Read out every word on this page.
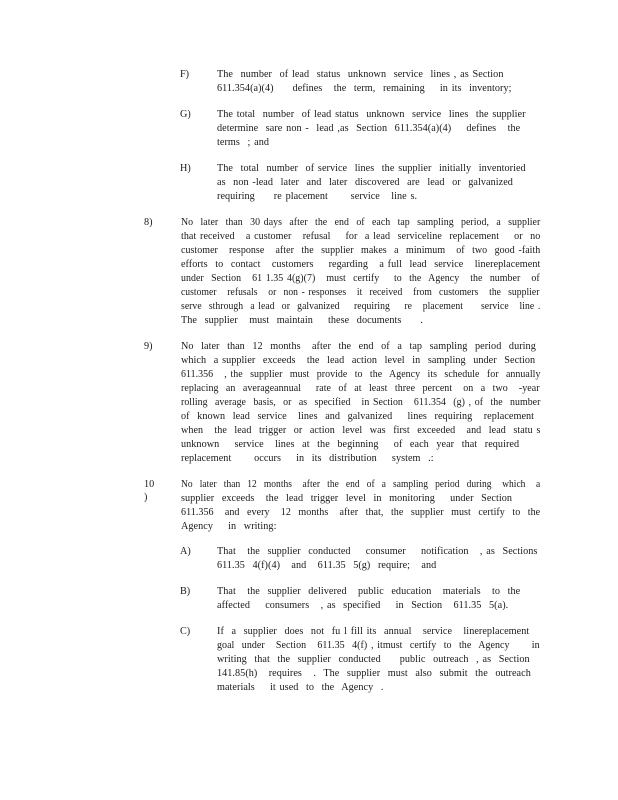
F)	The  number  of lead  status  unknown  service  lines , as Section
611.354(a)(4)     defines   the  term,  remaining    in its  inventory;
G)	The total  number  of lead status  unknown  service  lines  the supplier
determine  sare non -  lead ,as  Section  611.354(a)(4)    defines   the
terms  ; and
H)	The  total  number  of service  lines  the supplier  initially  inventoried
as  non -lead  later  and  later  discovered  are  lead  or  galvanized
requiring     re placement      service   line s.
8)	No  later  than  30 days  after  the  end  of  each  tap  sampling  period,  a  supplier
that received   a customer   refusal    for  a lead  serviceline  replacement    or  no
customer   response   after  the  supplier  makes  a  minimum   of  two  good -faith
efforts  to  contact   customers    regarding   a full  lead  service   linereplacement
under  Section   61 1.35 4(g)(7)   must  certify    to  the  Agency   the  number   of
customer   refusals   or  non - responses   it  received   from  customers   the  supplier
serve  sthrough  a lead  or  galvanized    requiring    re   placement     service   line .
The  supplier   must  maintain    these  documents     .
9)	No  later  than  12  months   after  the  end  of  a  tap  sampling  period  during
which  a supplier  exceeds   the  lead  action  level  in  sampling  under  Section
611.356   , the  supplier  must  provide  to  the  Agency  its  schedule  for  annually
replacing  an  averageannual    rate  of  at  least  three  percent   on  a  two   -year
rolling  average  basis,  or  as  specified   in Section   611.354  (g) , of  the  number
of  known  lead  service   lines  and  galvanized    lines  requiring   replacement
when   the  lead  trigger  or  action  level  was  first  exceeded   and  lead  statu s
unknown    service   lines  at  the  beginning    of  each  year  that  required
replacement      occurs    in  its  distribution    system  .:
10 )
No  later  than  12  months   after  the  end  of  a  sampling  period  during   which   a
supplier  exceeds   the  lead  trigger  level  in  monitoring    under  Section
611.356   and  every   12  months   after  that,  the  supplier  must  certify  to  the
Agency    in  writing:
A)	That   the  supplier  conducted    consumer    notification   , as  Sections
611.35  4(f)(4)   and   611.35  5(g)  require;   and
B)	That   the  supplier  delivered   public  education   materials   to  the
affected    consumers   , as  specified    in  Section   611.35  5(a).
C)	If  a  supplier  does  not  fu l fill its  annual   service   linereplacement
goal  under   Section   611.35  4(f) , itmust  certify  to  the  Agency      in
writing  that  the  supplier  conducted     public  outreach  , as  Section
141.85(h)   requires   .  The  supplier  must  also  submit  the  outreach
materials    it used  to  the  Agency  .
